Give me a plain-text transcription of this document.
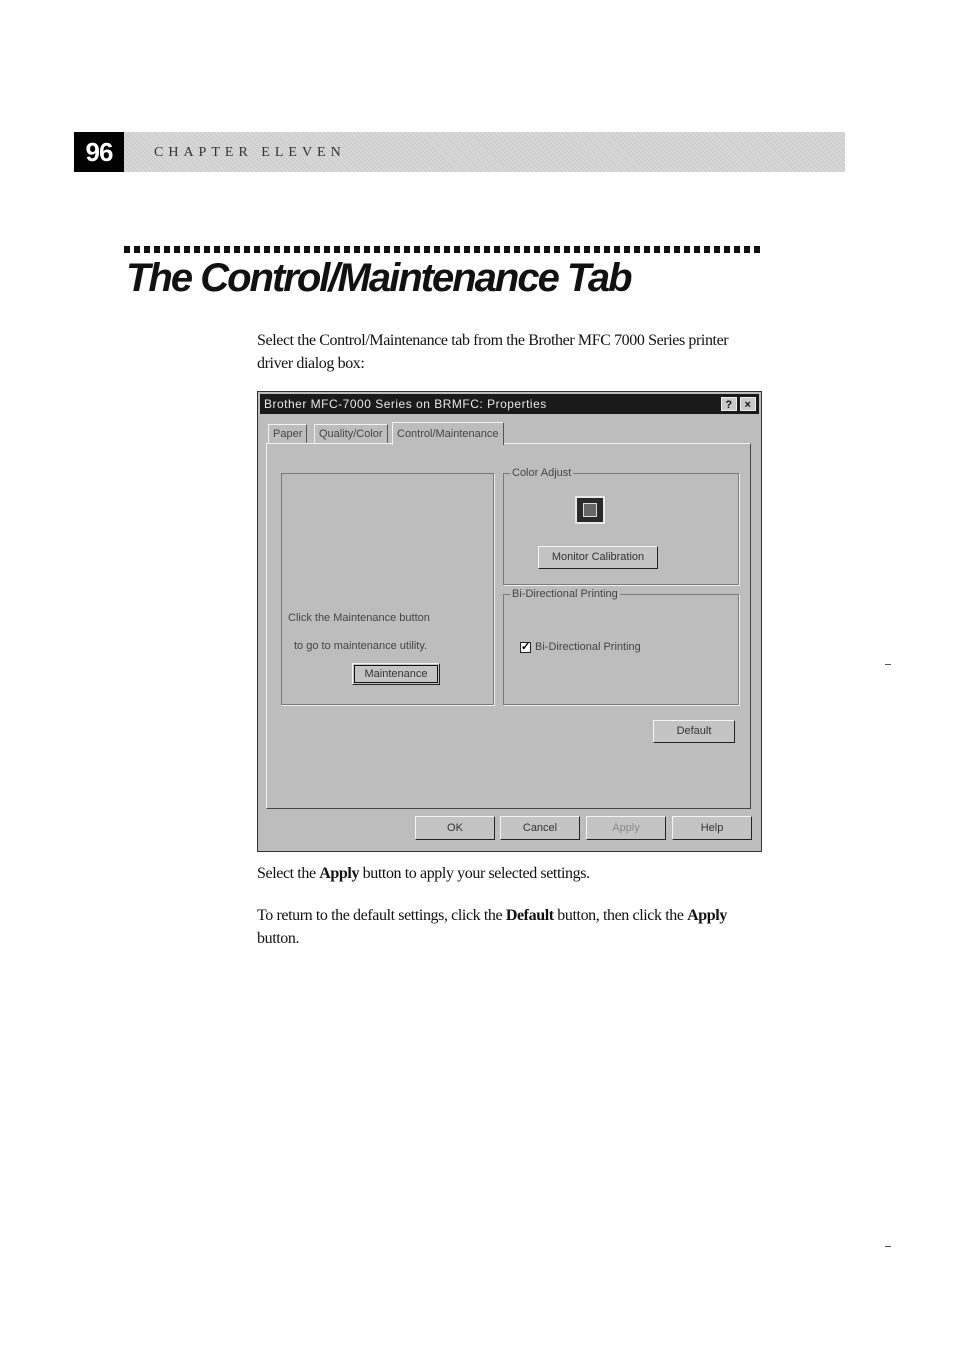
96	CHAPTER ELEVEN
The Control/Maintenance Tab

Select the Control/Maintenance tab from the Brother MFC 7000 Series printer driver dialog box:

Brother MFC-7000 Series on BRMFC: Properties	?	×
Paper	Quality/Color	Control/Maintenance
Click the Maintenance button
to go to maintenance utility.
Maintenance
Color Adjust
Monitor Calibration
Bi-Directional Printing
✓ Bi-Directional Printing
Default
OK	Cancel	Apply	Help

Select the Apply button to apply your selected settings.

To return to the default settings, click the Default button, then click the Apply button.
